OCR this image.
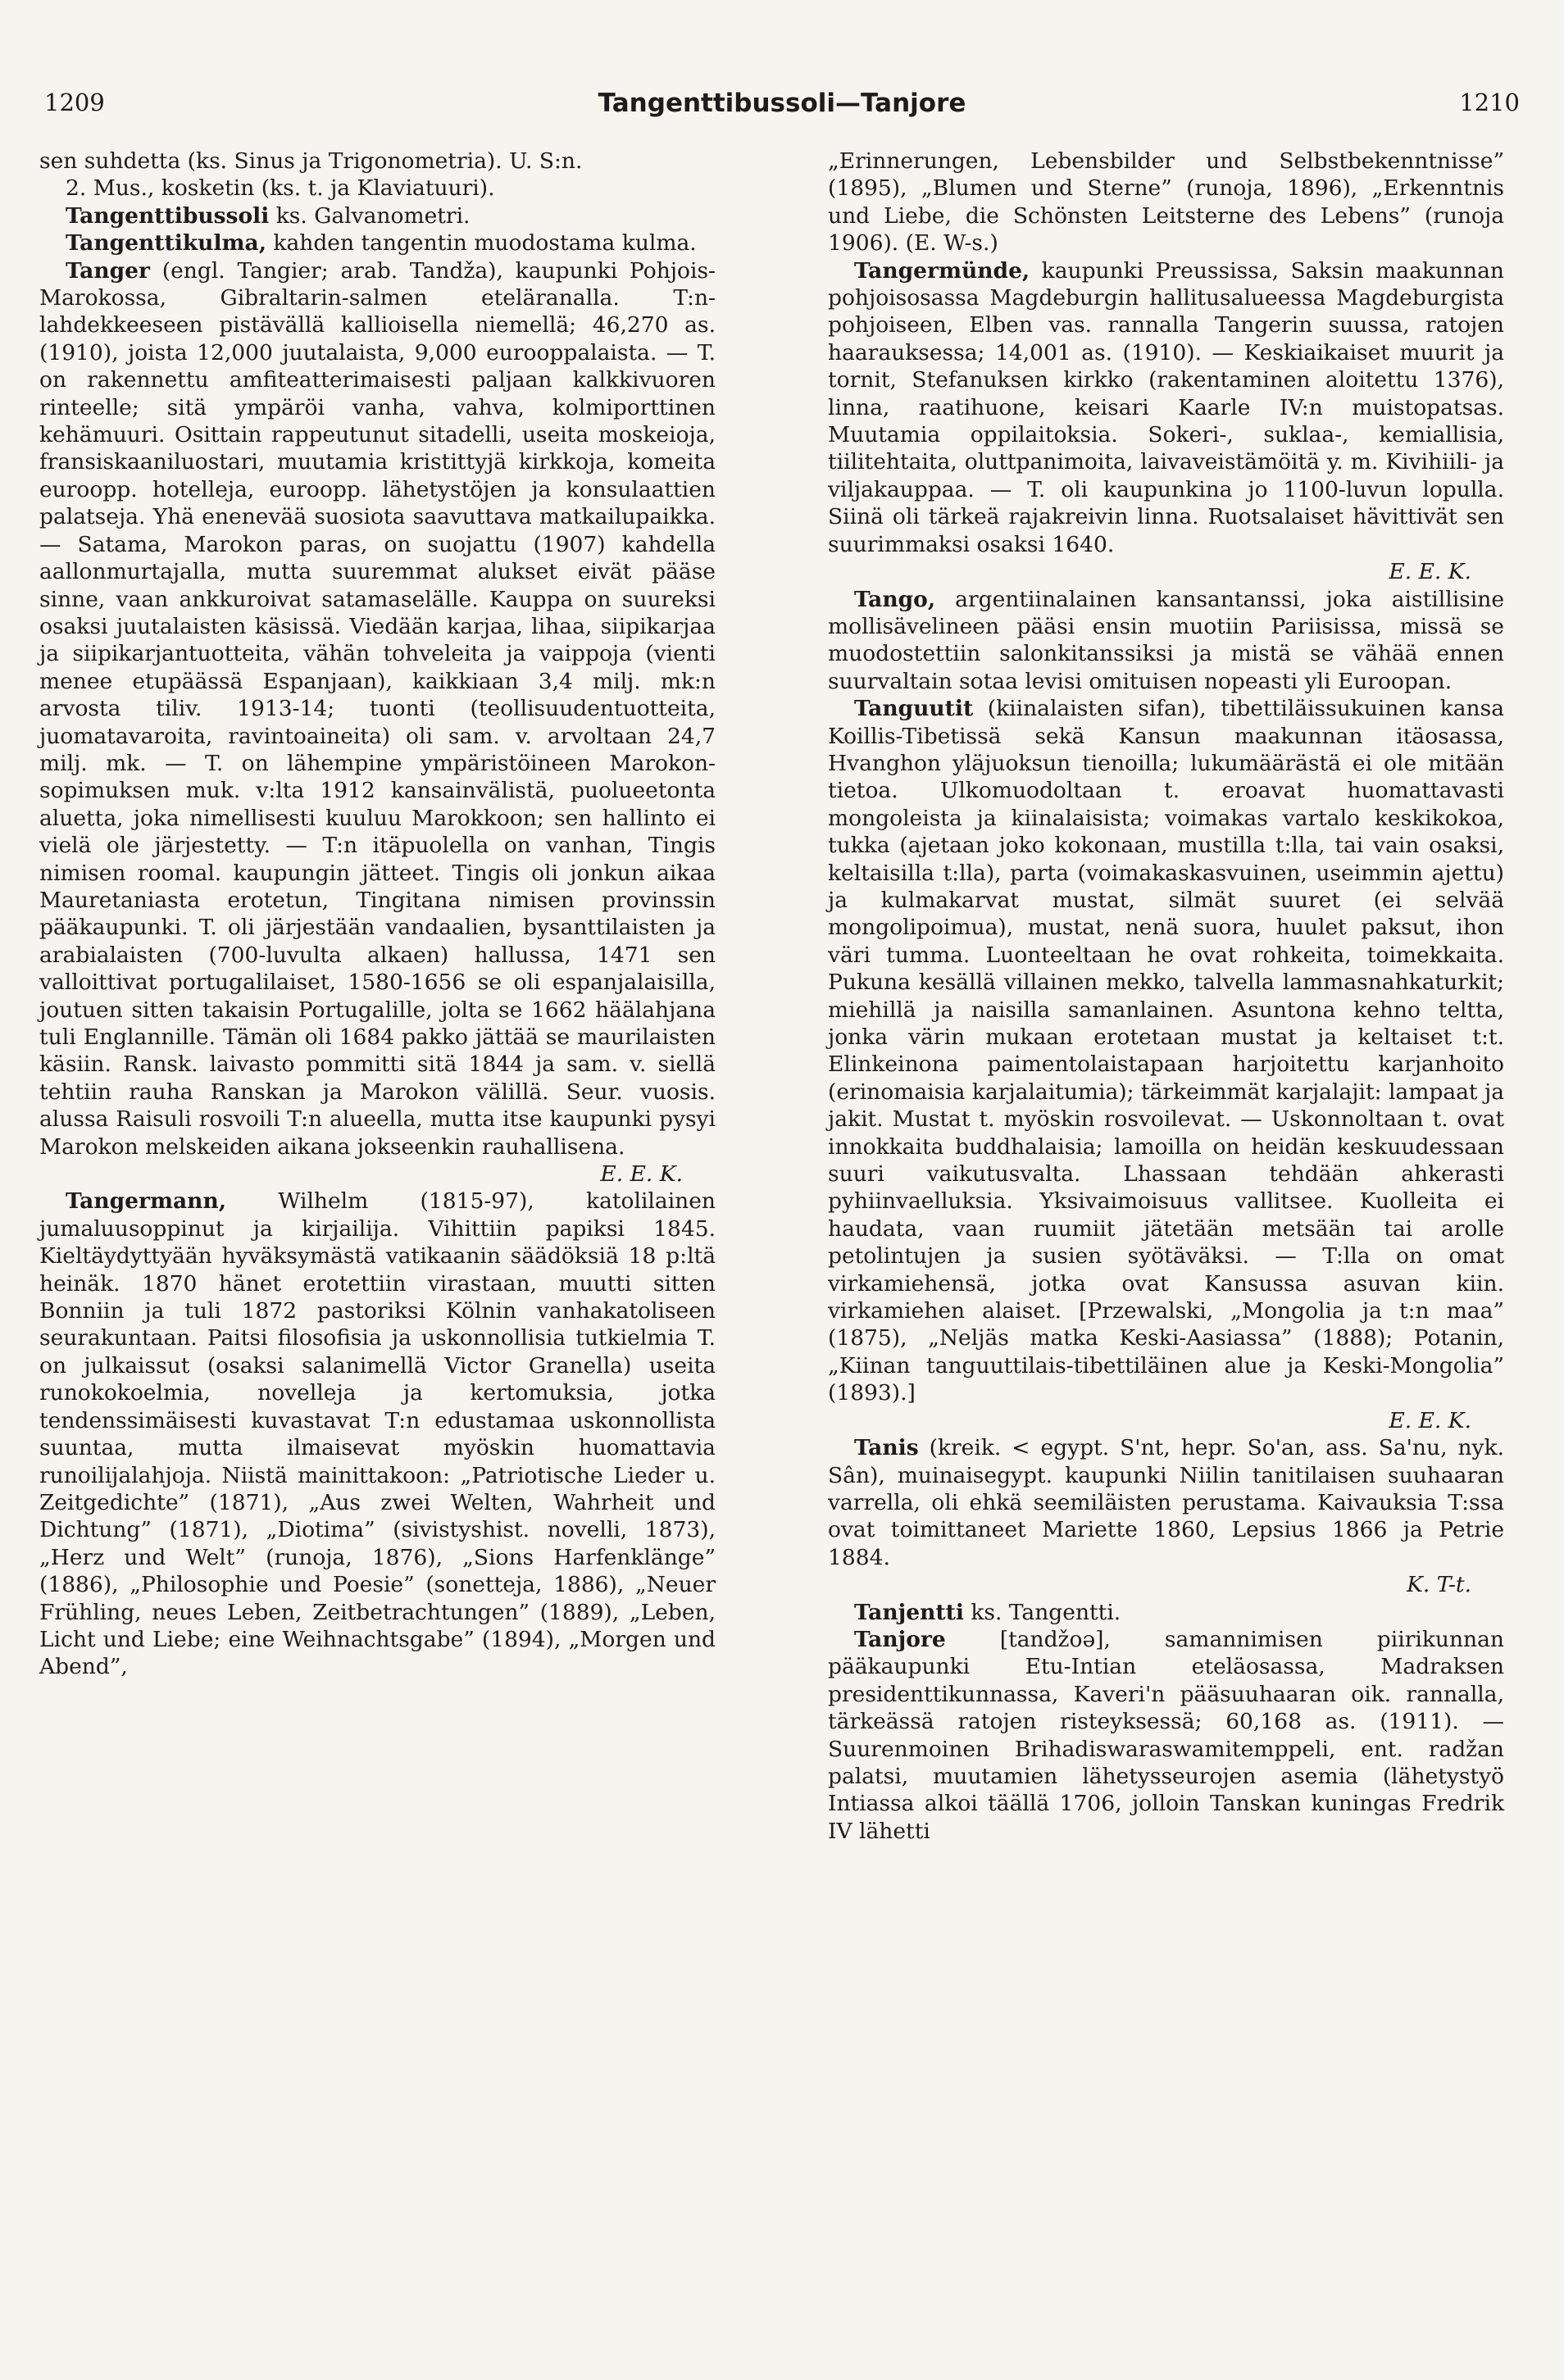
1209	Tangenttibussoli—Tanjore	1210

sen suhdetta (ks. Sinus ja Trigonometria). U. S:n.

2. Mus., kosketin (ks. t. ja Klaviatuuri).

Tangenttibussoli ks. Galvanometri.

Tangenttikulma, kahden tangentin muodostama kulma.

Tanger (engl. Tangier; arab. Tandža), kaupunki Pohjois-Marokossa, Gibraltarin-salmen eteläranalla. T:n-lahdekkeeseen pistävällä kallioisella niemellä; 46,270 as. (1910), joista 12,000 juutalaista, 9,000 eurooppalaista. — T. on rakennettu amfiteatterimaisesti paljaan kalkkivuoren rinteelle; sitä ympäröi vanha, vahva, kolmiporttinen kehämuuri. Osittain rappeutunut sitadelli, useita moskeioja, fransiskaaniluostari, muutamia kristittyjä kirkkoja, komeita euroopp. hotelleja, euroopp. lähetystöjen ja konsulaattien palatseja. Yhä enenevää suosiota saavuttava matkailupaikka. — Satama, Marokon paras, on suojattu (1907) kahdella aallonmurtajalla, mutta suuremmat alukset eivät pääse sinne, vaan ankkuroivat satamaselälle. Kauppa on suureksi osaksi juutalaisten käsissä. Viedään karjaa, lihaa, siipikarjaa ja siipikarjantuotteita, vähän tohveleita ja vaippoja (vienti menee etupäässä Espanjaan), kaikkiaan 3,4 milj. mk:n arvosta tiliv. 1913-14; tuonti (teollisuudentuotteita, juomatavaroita, ravintoaineita) oli sam. v. arvoltaan 24,7 milj. mk. — T. on lähempine ympäristöineen Marokon-sopimuksen muk. v:lta 1912 kansainvälistä, puolueetonta aluetta, joka nimellisesti kuuluu Marokkoon; sen hallinto ei vielä ole järjestetty. — T:n itäpuolella on vanhan, Tingis nimisen roomal. kaupungin jätteet. Tingis oli jonkun aikaa Mauretaniasta erotetun, Tingitana nimisen provinssin pääkaupunki. T. oli järjestään vandaalien, bysanttilaisten ja arabialaisten (700-luvulta alkaen) hallussa, 1471 sen valloittivat portugalilaiset, 1580-1656 se oli espanjalaisilla, joutuen sitten takaisin Portugalille, jolta se 1662 häälahjana tuli Englannille. Tämän oli 1684 pakko jättää se maurilaisten käsiin. Ransk. laivasto pommitti sitä 1844 ja sam. v. siellä tehtiin rauha Ranskan ja Marokon välillä. Seur. vuosis. alussa Raisuli rosvoili T:n alueella, mutta itse kaupunki pysyi Marokon melskeiden aikana jokseenkin rauhallisena.

E. E. K.

Tangermann, Wilhelm (1815-97), katolilainen jumaluusoppinut ja kirjailija. Vihittiin papiksi 1845. Kieltäydyttyään hyväksymästä vatikaanin säädöksiä 18 p:ltä heinäk. 1870 hänet erotettiin virastaan, muutti sitten Bonniin ja tuli 1872 pastoriksi Kölnin vanhakatoliseen seurakuntaan. Paitsi filosofisia ja uskonnollisia tutkielmia T. on julkaissut (osaksi salanimellä Victor Granella) useita runokokoelmia, novelleja ja kertomuksia, jotka tendenssimäisesti kuvastavat T:n edustamaa uskonnollista suuntaa, mutta ilmaisevat myöskin huomattavia runoilijalahjoja. Niistä mainittakoon: „Patriotische Lieder u. Zeitgedichte” (1871), „Aus zwei Welten, Wahrheit und Dichtung” (1871), „Diotima” (sivistyshist. novelli, 1873), „Herz und Welt” (runoja, 1876), „Sions Harfenklänge” (1886), „Philosophie und Poesie” (sonetteja, 1886), „Neuer Frühling, neues Leben, Zeitbetrachtungen” (1889), „Leben, Licht und Liebe; eine Weihnachtsgabe” (1894), „Morgen und Abend”,

„Erinnerungen, Lebensbilder und Selbstbekenntnisse” (1895), „Blumen und Sterne” (runoja, 1896), „Erkenntnis und Liebe, die Schönsten Leitsterne des Lebens” (runoja 1906). (E. W-s.)

Tangermünde, kaupunki Preussissa, Saksin maakunnan pohjoisosassa Magdeburgin hallitusalueessa Magdeburgista pohjoiseen, Elben vas. rannalla Tangerin suussa, ratojen haarauksessa; 14,001 as. (1910). — Keskiaikaiset muurit ja tornit, Stefanuksen kirkko (rakentaminen aloitettu 1376), linna, raatihuone, keisari Kaarle IV:n muistopatsas. Muutamia oppilaitoksia. Sokeri-, suklaa-, kemiallisia, tiilitehtaita, oluttpanimoita, laivaveistämöitä y. m. Kivihiili- ja viljakauppaa. — T. oli kaupunkina jo 1100-luvun lopulla. Siinä oli tärkeä rajakreivin linna. Ruotsalaiset hävittivät sen suurimmaksi osaksi 1640.

E. E. K.

Tango, argentiinalainen kansantanssi, joka aistillisine mollisävelineen pääsi ensin muotiin Pariisissa, missä se muodostettiin salonkitanssiksi ja mistä se vähää ennen suurvaltain sotaa levisi omituisen nopeasti yli Euroopan.

Tanguutit (kiinalaisten sifan), tibettiläissukuinen kansa Koillis-Tibetissä sekä Kansun maakunnan itäosassa, Hvanghon yläjuoksun tienoilla; lukumäärästä ei ole mitään tietoa. Ulkomuodoltaan t. eroavat huomattavasti mongoleista ja kiinalaisista; voimakas vartalo keskikokoa, tukka (ajetaan joko kokonaan, mustilla t:lla, tai vain osaksi, keltaisilla t:lla), parta (voimakaskasvuinen, useimmin ajettu) ja kulmakarvat mustat, silmät suuret (ei selvää mongolipoimua), mustat, nenä suora, huulet paksut, ihon väri tumma. Luonteeltaan he ovat rohkeita, toimekkaita. Pukuna kesällä villainen mekko, talvella lammasnahkaturkit; miehillä ja naisilla samanlainen. Asuntona kehno teltta, jonka värin mukaan erotetaan mustat ja keltaiset t:t. Elinkeinona paimentolaistapaan harjoitettu karjanhoito (erinomaisia karjalaitumia); tärkeimmät karjalajit: lampaat ja jakit. Mustat t. myöskin rosvoilevat. — Uskonnoltaan t. ovat innokkaita buddhalaisia; lamoilla on heidän keskuudessaan suuri vaikutusvalta. Lhassaan tehdään ahkerasti pyhiinvaelluksia. Yksivaimoisuus vallitsee. Kuolleita ei haudata, vaan ruumiit jätetään metsään tai arolle petolintujen ja susien syötäväksi. — T:lla on omat virkamiehensä, jotka ovat Kansussa asuvan kiin. virkamiehen alaiset. [Przewalski, „Mongolia ja t:n maa” (1875), „Neljäs matka Keski-Aasiassa” (1888); Potanin, „Kiinan tanguuttilais-tibettiläinen alue ja Keski-Mongolia” (1893).]

E. E. K.

Tanis (kreik. < egypt. S'nt, hepr. So'an, ass. Sa'nu, nyk. Sân), muinaisegypt. kaupunki Niilin tanitilaisen suuhaaran varrella, oli ehkä seemiläisten perustama. Kaivauksia T:ssa ovat toimittaneet Mariette 1860, Lepsius 1866 ja Petrie 1884.

K. T-t.

Tanjentti ks. Tangentti.

Tanjore [tandžoə], samannimisen piirikunnan pääkaupunki Etu-Intian eteläosassa, Madraksen presidenttikunnassa, Kaveri'n pääsuuhaaran oik. rannalla, tärkeässä ratojen risteyksessä; 60,168 as. (1911). — Suurenmoinen Brihadiswaraswamitemppeli, ent. radžan palatsi, muutamien lähetysseurojen asemia (lähetystyö Intiassa alkoi täällä 1706, jolloin Tanskan kuningas Fredrik IV lähetti
